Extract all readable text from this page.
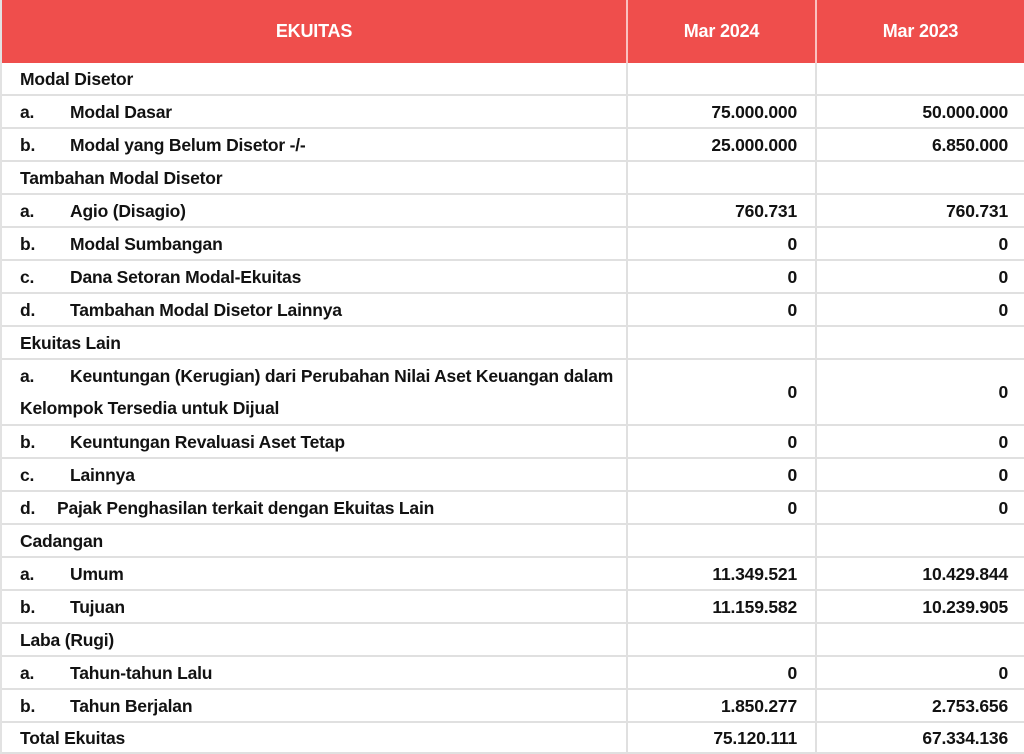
EKUITAS	Mar 2024	Mar 2023
Modal Disetor
a. Modal Dasar	75.000.000	50.000.000
b. Modal yang Belum Disetor -/-	25.000.000	6.850.000
Tambahan Modal Disetor
a. Agio (Disagio)	760.731	760.731
b. Modal Sumbangan	0	0
c. Dana Setoran Modal-Ekuitas	0	0
d. Tambahan Modal Disetor Lainnya	0	0
Ekuitas Lain
a. Keuntungan (Kerugian) dari Perubahan Nilai Aset Keuangan dalam Kelompok Tersedia untuk Dijual
0	0
b. Keuntungan Revaluasi Aset Tetap	0	0
c. Lainnya	0	0
d. Pajak Penghasilan terkait dengan Ekuitas Lain	0	0
Cadangan
a. Umum	11.349.521	10.429.844
b. Tujuan	11.159.582	10.239.905
Laba (Rugi)
a. Tahun-tahun Lalu	0	0
b. Tahun Berjalan	1.850.277	2.753.656
Total Ekuitas	75.120.111	67.334.136
